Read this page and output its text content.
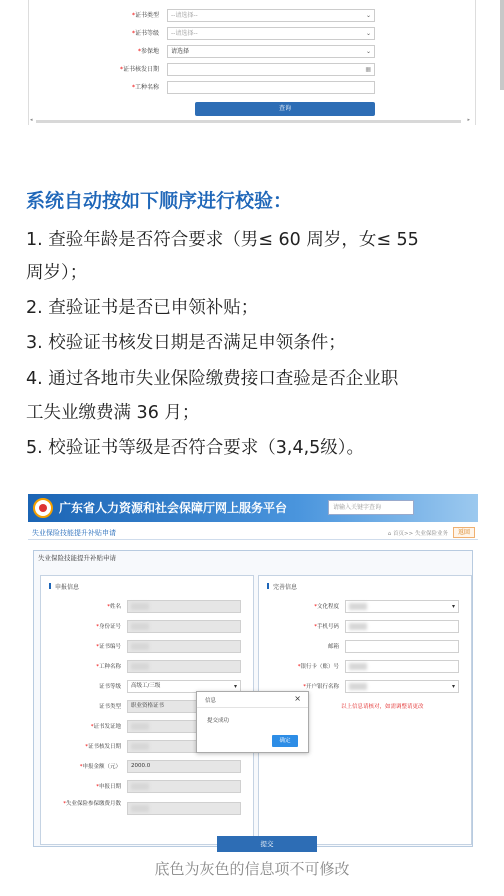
*证书类型	--请选择--	⌄
*证书等级	--请选择--	⌄
*参保地	请选择	⌄
*证书核发日期	▦
*工种名称
查询
◂	▸
系统自动按如下顺序进行校验：
1. 查验年龄是否符合要求（男≤ 60 周岁，女≤ 55
周岁）；
2. 查验证书是否已申领补贴；
3. 校验证书核发日期是否满足申领条件；
4. 通过各地市失业保险缴费接口查验是否企业职
工失业缴费满 36 月；
5. 校验证书等级是否符合要求（3,4,5级）。
广东省人力资源和社会保障厅网上服务平台	请输入关键字查询
失业保险技能提升补贴申请	⌂ 首页>> 失业保险业务	返回
失业保险技能提升补贴申请
申报信息
*姓名
*身份证号
*证书编号
*工种名称
证书等级	高级工/三级	▾
证书类型	职业资格证书
*证书发证地
*证书核发日期
*申报金额（元）	2000.0
*申报日期
*失业保险参保缴费月数
完善信息
*文化程度	▾
*手机号码
邮箱
*银行卡（账）号
*开户银行名称	▾
以上信息请核对，如需调整请更改
提交
信息	×
提交成功
确定
底色为灰色的信息项不可修改
